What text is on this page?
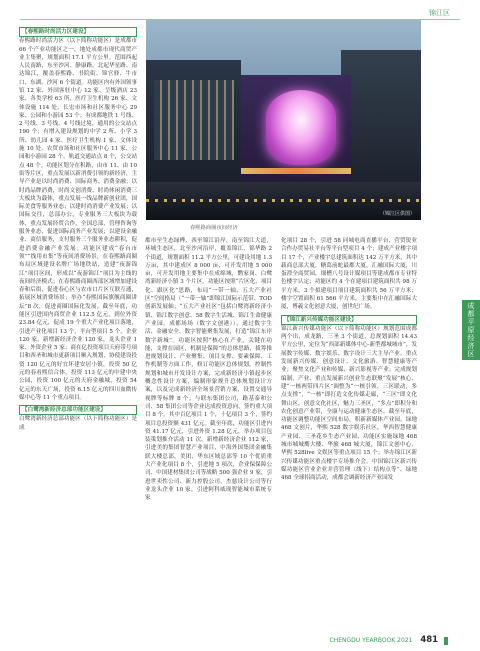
锦江区

【春熙路时尚活力区建设】
春熙路时尚活力区（以下简称功能区）是成都市 66 个产业功能区之一，地处成都市现代商贸产业主集聚，规划面积 17.1 平方公里。范围西起人民南路、东至沙河、静康路，北起华星路、南达锦江，覆盖春熙路、书院街、锦官驿、牛市口、东湖、沙河 6 个街道。功能区内有外国领事馆 12 家、外国客驻中心 12 家、呈级酒店 23 家、各类学校 63 所、医疗卫生机构 26 家、文体设施 114 处、长宏市场和社区服务中心 29 家、公园和小游园 53 个；有成都地铁 1 号线、2 号线、3 号线、4 号线过境，通用的公交站点 190 个；有增入建设规划的中学 2 所、小学 3 所、幼儿园 4 家、医疗卫生机构 1 家、文体设施 10 处、农贸市场和社区服务中心 11 家、公园和小游园 28 个、轨道交通站点 8 个，公交站点 48 个。功能区划分在积路，由市 11、由 10 街等片区，重点发展以新消费引领的新经济，主导产业是以时尚消费、国际商务、消费金融；以时尚品牌消费，时尚文创消费、时尚体闲消费三大板块为载体，重点发展一线品牌新创业团，国际美食等服务业态；以建时尚消费产业发展；以国际交往，总部办公，专业服务三大板块为载体，重点发展经贸合作，全国总部，管理咨询等服务业态，促进国际商务产业发展；以建设金融业、商信服务，支付服务三个服务业态耕积，促进消费金融产业发展。功能区建成“春台市领”“线用市集”等夜间消费场景，在春熙路商圈布局区域建设名牌广场地铁站，造建“夜游锦江”项目区间，形成以“夜游锦江”项目为主线的夜间经济模式；在春熙路商圈西部区域增加建设春和后街，促进春心区与农市口片区互联互通，拓展区域消费场景；举办“春熙国际旗舰商圈讲坛”8 次，促进商圈国际化发展。截至年底，功能区引进国内商贸企业 112.5 亿元，到位外资 23.84 亿元，促成 19 个重大产业化项目落地，引进产业化项目 13 个，平台型项目 5 个，企业 120 家，新增新经济企业 120 家，龙头企业 1 家、外资企业 5 家；商在亿投资项目天府带号项目和西圣和城市更新项目顺入规划，协使建设投资 120 亿元的好宜坏建安居小镇，投资 50 亿元的春看熙信合体，投资 113 亿元的中建中央公园，投资 100 亿元的天府金融城，投资 54 亿元的东天广场，投资 6.15 亿元的四川血微传媒中心等 11 个重点项目。

【白鹭湾新经济总部功能区建设】
白鹭湾新经济总部功能区（以下简称功能区）是成

（锦江区供图）
春熙路商圈夜间经济

都市至生态绿桦、西至锦江沿岸，南至锦江大道，环城生态区，北至沙河沿岸，覆盖锦江、锦华路 2 个街道，规划面积 11.2 平方公里，可建设用地 1.3 万亩，其中建成区 8 000 亩，可开发用地 5 000 亩，可开发用地主要集中在成绵城，鹦家岗、白鹭湾新经济小镇 3 个片区。功能区按照“片区化、项目化、跟区化”思路，布局“一带一轴、五大产业社区”空间格局（“一带一轴”即锦江国际示范带、TOD 创新发展轴；“五大产业社区”包括白鹭湾新经济小镇、锦江数字创意、58 数字生活城、锦江生命健康产业园，成都场场（数字文创港）），通过数字生活、金融安全、数字智能聚集发展，打造“锦江东岸数字新城”。功能区按照“核心在产业，关键在功能，支撑在园区，机制是保障”的总体思路，拔筹推进规划设计、产业聚集、项目支撑、要素保障、工作机制等方面工作，修订功能区总体规划，控制性规划和城市开发设计方案，完成新经济小镇起步区概念性设计方案，编制形象规升总体规划设计方案，以及完成新经济全场景营销方案，设置交通导视牌等标牌 8 个；与联东集团公司，路基泰和公司、58 集团公司等企业达成投资意向，签约重大项目 8 个，其中百亿项目 1 个，十亿项目 3 个，签约项目总投资额 431 亿元。截至年底，功能区引进内资 41.17 亿元，引进外资 1.28 亿元，举办项目包装策划推介活动 11 次，新增新经济企业 112 家，引进美的集团智慧产业项目，中海外国集团金融集联大楼总部，美团、华东区域总部等 10 个优质重大产业化项目 8 个，引进地 5 项次，企业保保障公司、中国建材集团公司等战略 500 强企业 9 家，引进世卖性公司、新力控股公司，杰慈设计公司等行业龙头企业 10 家，引进阿科威现智能城市系统专家

化项目 28 个，引进 58 同城电商直播平台、营贸锐业合作办贸易社平台等平台型项目 4 个；建成产业楼字项目 17 个，产业楼宇总建筑面积达 142 万平方米，其中载商总部大厦，糖葛前蛇最都大厦，汇融国际大厦，川蛋澄全商贸园，细槽八号设计媒项目等建成都市专业特色楼宇认定；功能区约 4 个在建项目建筑面积共 98 万平方米，3 个拟建项目项目建筑面积共 56 万平方米；楼字空置面积 61 566 平方米，主要集中在汇融国际大厦，博羲文化创意大厦，创世纪广场。

【锦江新兴传媒功能区建设】
锦江新兴传媒功能区（以下简称功能区）规划范围成都两个出，成龙路，三圣 3 个街道，总规划面积 14.43 平方公里，定位为“西部新媒体中心·新型都城城市”，发展数字传媒、数字娱乐、数字设计三大主导产业，重点发展新兴传媒、创意设计、文化旅游、智慧健康等产业；聚焦文化产业和传媒、新兴影视等产业；完成规划编制，产业、重点发展新兴创业生态联聚“发展”核心、建“一核两带四片区”调整为“一核引领、三区联动，多点支撑”，“一核”即打造文化传媒走廊，“三区”即文化舞山区，创意文化社区，魅力三圣区，“多点”即积分和农化创意产业带，全康与运动健康生态区。截至年底，功能区调整功能区空间布局，积新新媒体产业园，绿地 468 文创片，华熙 528 数字娱乐社区，华西智慧健康产业园、三圣花乡生态产业园，功能区实施绿地 468 城市城城鹰大楼、华旅 468 城大厦，锦江文创中心、华熙 528live 文娱区等重点项目 15 个；举办锦江区新兴传媒功能区重点楼宇专场推介会，中国锦江区新兴传媒功能区营业企业并营管理（线下）结构点等”、绿地 468 全球招商活动，成都会调新经济产业园发

成都平原经济区
CHENGDU YEARBOOK 2021 481
